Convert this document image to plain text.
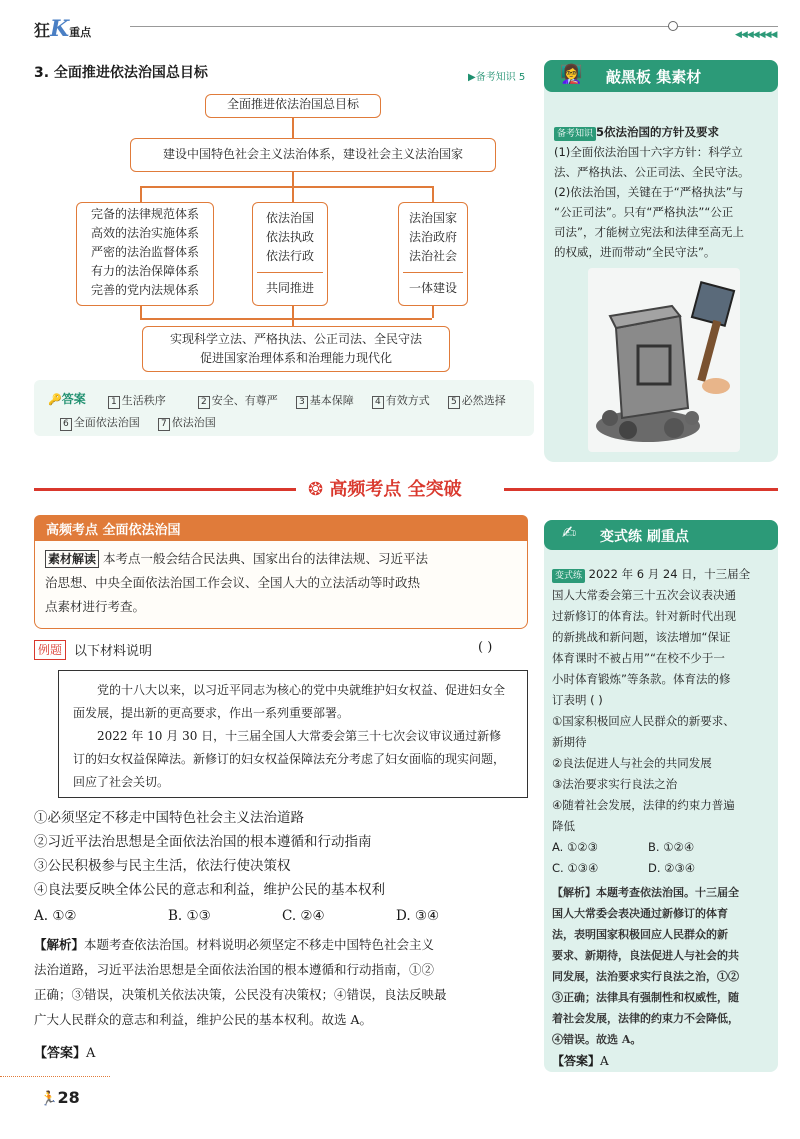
狂K重点	◀◀◀◀◀◀◀
3. 全面推进依法治国总目标	▶备考知识 5
全面推进依法治国总目标
建设中国特色社会主义法治体系，建设社会主义法治国家
完备的法律规范体系
高效的法治实施体系
严密的法治监督体系
有力的法治保障体系
完善的党内法规体系
依法治国
依法执政
依法行政
共同推进
法治国家
法治政府
法治社会
一体建设
实现科学立法、严格执法、公正司法、全民守法
促进国家治理体系和治理能力现代化
🔑答案	1 生活秩序	2 安全、有尊严	3 基本保障	4 有效方式	5 必然选择
6 全面依法治国	7 依法治国
👩‍🏫 敲黑板 集素材
备考知识 5依法治国的方针及要求
(1)全面依法治国十六字方针：科学立
法、严格执法、公正司法、全民守法。
(2)依法治国，关键在于“严格执法”与
“公正司法”。只有“严格执法”“公正
司法”，才能树立宪法和法律至高无上
的权威，进而带动“全民守法”。
❂ 高频考点 全突破
高频考点 全面依法治国
素材解读 本考点一般会结合民法典、国家出台的法律法规、习近平法
治思想、中央全面依法治国工作会议、全国人大的立法活动等时政热
点素材进行考查。
例题 以下材料说明	( )

党的十八大以来，以习近平同志为核心的党中央就维护妇女权益、促进妇女全面发展，提出新的更高要求，作出一系列重要部署。

2022 年 10 月 30 日，十三届全国人大常委会第三十七次会议审议通过新修订的妇女权益保障法。新修订的妇女权益保障法充分考虑了妇女面临的现实问题，回应了社会关切。

①必须坚定不移走中国特色社会主义法治道路
②习近平法治思想是全面依法治国的根本遵循和行动指南
③公民积极参与民主生活，依法行使决策权
④良法要反映全体公民的意志和利益，维护公民的基本权利
A. ①②	B. ①③	C. ②④	D. ③④
【解析】本题考查依法治国。材料说明必须坚定不移走中国特色社会主义
法治道路，习近平法治思想是全面依法治国的根本遵循和行动指南，①②
正确；③错误，决策机关依法决策，公民没有决策权；④错误，良法反映最
广大人民群众的意志和利益，维护公民的基本权利。故选 A。
【答案】A
✍ 变式练 刷重点
变式练 2022 年 6 月 24 日，十三届全
国人大常委会第三十五次会议表决通
过新修订的体育法。针对新时代出现
的新挑战和新问题，该法增加“保证
体育课时不被占用”“在校不少于一
小时体育锻炼”等条款。体育法的修
订表明 ( )
①国家积极回应人民群众的新要求、
新期待
②良法促进人与社会的共同发展
③法治要求实行良法之治
④随着社会发展，法律的约束力普遍
降低
A. ①②③	B. ①②④
C. ①③④	D. ②③④
【解析】本题考查依法治国。十三届全
国人大常委会表决通过新修订的体育
法，表明国家积极回应人民群众的新
要求、新期待，良法促进人与社会的共
同发展，法治要求实行良法之治，①②
③正确；法律具有强制性和权威性，随
着社会发展，法律的约束力不会降低，
④错误。故选 A。
【答案】A
🏃28
